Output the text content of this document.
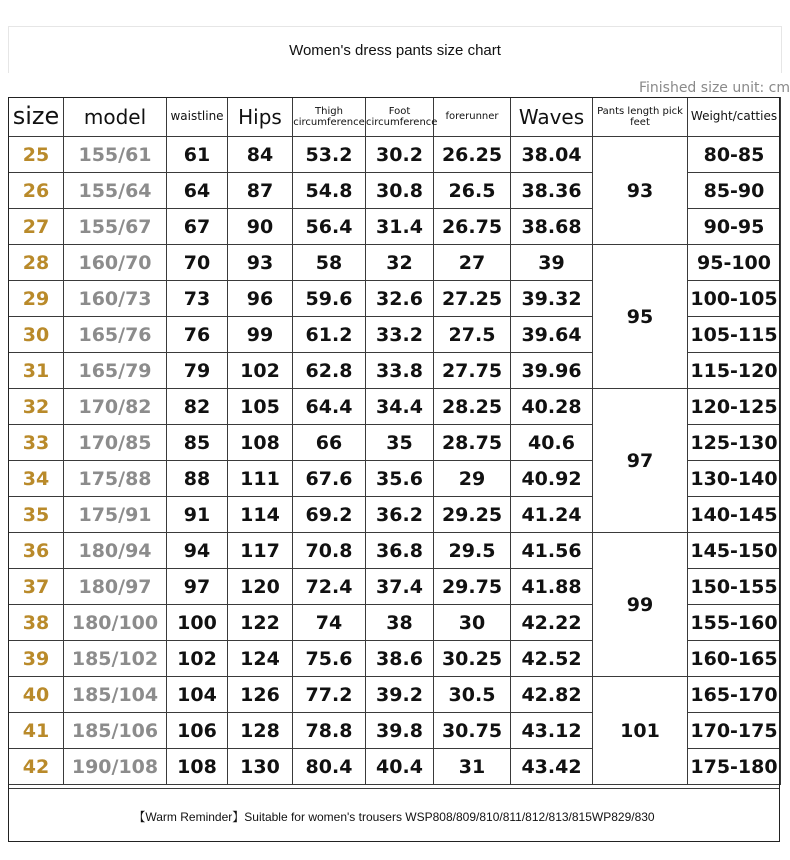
Women's dress pants size chart
Finished size unit: cm
size	model	waistline	Hips	Thigh circumference	Foot circumference	forerunner	Waves	Pants length pick feet	Weight/catties
25	155/61	61	84	53.2	30.2	26.25	38.04	93	80-85
26	155/64	64	87	54.8	30.8	26.5	38.36		85-90
27	155/67	67	90	56.4	31.4	26.75	38.68		90-95
28	160/70	70	93	58	32	27	39	95	95-100
29	160/73	73	96	59.6	32.6	27.25	39.32		100-105
30	165/76	76	99	61.2	33.2	27.5	39.64		105-115
31	165/79	79	102	62.8	33.8	27.75	39.96		115-120
32	170/82	82	105	64.4	34.4	28.25	40.28	97	120-125
33	170/85	85	108	66	35	28.75	40.6		125-130
34	175/88	88	111	67.6	35.6	29	40.92		130-140
35	175/91	91	114	69.2	36.2	29.25	41.24		140-145
36	180/94	94	117	70.8	36.8	29.5	41.56	99	145-150
37	180/97	97	120	72.4	37.4	29.75	41.88		150-155
38	180/100	100	122	74	38	30	42.22		155-160
39	185/102	102	124	75.6	38.6	30.25	42.52		160-165
40	185/104	104	126	77.2	39.2	30.5	42.82	101	165-170
41	185/106	106	128	78.8	39.8	30.75	43.12		170-175
42	190/108	108	130	80.4	40.4	31	43.42		175-180
【Warm Reminder】Suitable for women's trousers WSP808/809/810/811/812/813/815WP829/830
